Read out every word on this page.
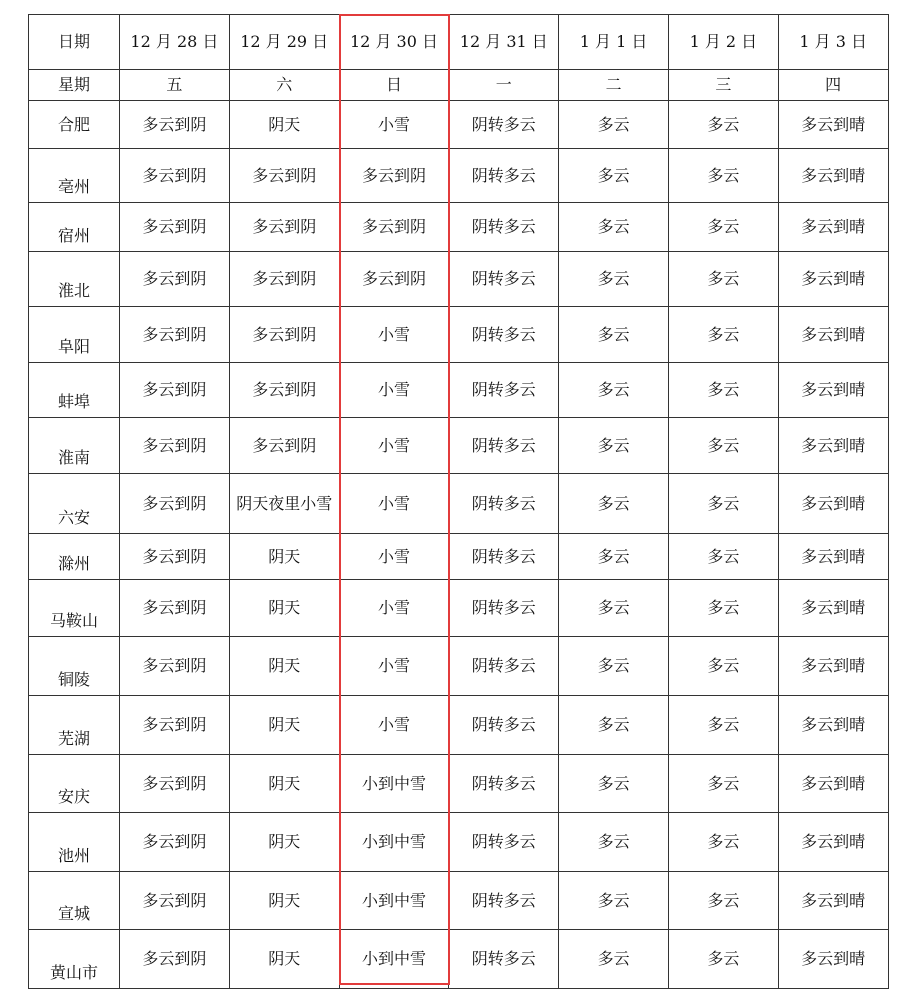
日期	12 月 28 日	12 月 29 日	12 月 30 日	12 月 31 日	1 月 1 日	1 月 2 日	1 月 3 日
星期	五	六	日	一	二	三	四
合肥	多云到阴	阴天	小雪	阴转多云	多云	多云	多云到晴
亳州	多云到阴	多云到阴	多云到阴	阴转多云	多云	多云	多云到晴
宿州	多云到阴	多云到阴	多云到阴	阴转多云	多云	多云	多云到晴
淮北	多云到阴	多云到阴	多云到阴	阴转多云	多云	多云	多云到晴
阜阳	多云到阴	多云到阴	小雪	阴转多云	多云	多云	多云到晴
蚌埠	多云到阴	多云到阴	小雪	阴转多云	多云	多云	多云到晴
淮南	多云到阴	多云到阴	小雪	阴转多云	多云	多云	多云到晴
六安	多云到阴	阴天夜里小雪	小雪	阴转多云	多云	多云	多云到晴
滁州	多云到阴	阴天	小雪	阴转多云	多云	多云	多云到晴
马鞍山	多云到阴	阴天	小雪	阴转多云	多云	多云	多云到晴
铜陵	多云到阴	阴天	小雪	阴转多云	多云	多云	多云到晴
芜湖	多云到阴	阴天	小雪	阴转多云	多云	多云	多云到晴
安庆	多云到阴	阴天	小到中雪	阴转多云	多云	多云	多云到晴
池州	多云到阴	阴天	小到中雪	阴转多云	多云	多云	多云到晴
宣城	多云到阴	阴天	小到中雪	阴转多云	多云	多云	多云到晴
黄山市	多云到阴	阴天	小到中雪	阴转多云	多云	多云	多云到晴
